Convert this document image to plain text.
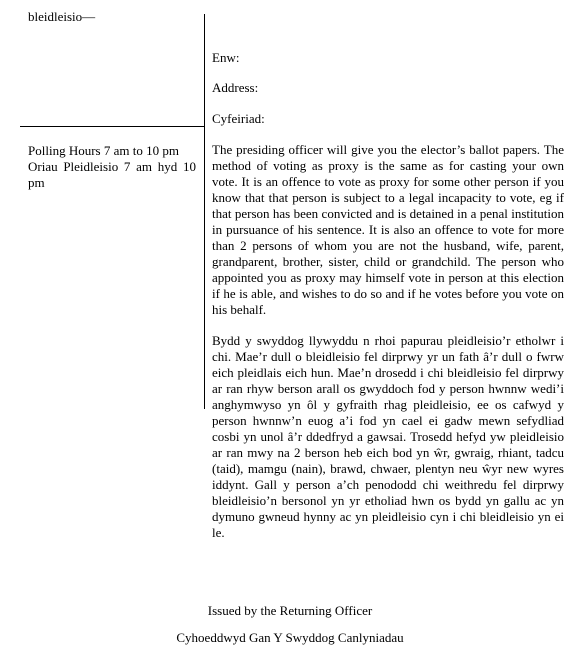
bleidleisio—
Enw:
Address:
Cyfeiriad:
Polling Hours 7 am to 10 pm
Oriau Pleidleisio 7 am hyd 10 pm

The presiding officer will give you the elector’s ballot papers. The method of voting as proxy is the same as for casting your own vote. It is an offence to vote as proxy for some other person if you know that that person is subject to a legal incapacity to vote, eg if that person has been convicted and is detained in a penal institution in pursuance of his sentence. It is also an offence to vote for more than 2 persons of whom you are not the husband, wife, parent, grandparent, brother, sister, child or grandchild. The person who appointed you as proxy may himself vote in person at this election if he is able, and wishes to do so and if he votes before you vote on his behalf.

Bydd y swyddog llywyddu n rhoi papurau pleidleisio’r etholwr i chi. Mae’r dull o bleidleisio fel dirprwy yr un fath â’r dull o fwrw eich pleidlais eich hun. Mae’n drosedd i chi bleidleisio fel dirprwy ar ran rhyw berson arall os gwyddoch fod y person hwnnw wedi’i anghymwyso yn ôl y gyfraith rhag pleidleisio, ee os cafwyd y person hwnnw’n euog a’i fod yn cael ei gadw mewn sefydliad cosbi yn unol â’r ddedfryd a gawsai. Trosedd hefyd yw pleidleisio ar ran mwy na 2 berson heb eich bod yn ŵr, gwraig, rhiant, tadcu (taid), mamgu (nain), brawd, chwaer, plentyn neu ŵyr new wyres iddynt. Gall y person a’ch penododd chi weithredu fel dirprwy bleidleisio’n bersonol yn yr etholiad hwn os bydd yn gallu ac yn dymuno gwneud hynny ac yn pleidleisio cyn i chi bleidleisio yn ei le.

Issued by the Returning Officer
Cyhoeddwyd Gan Y Swyddog Canlyniadau
